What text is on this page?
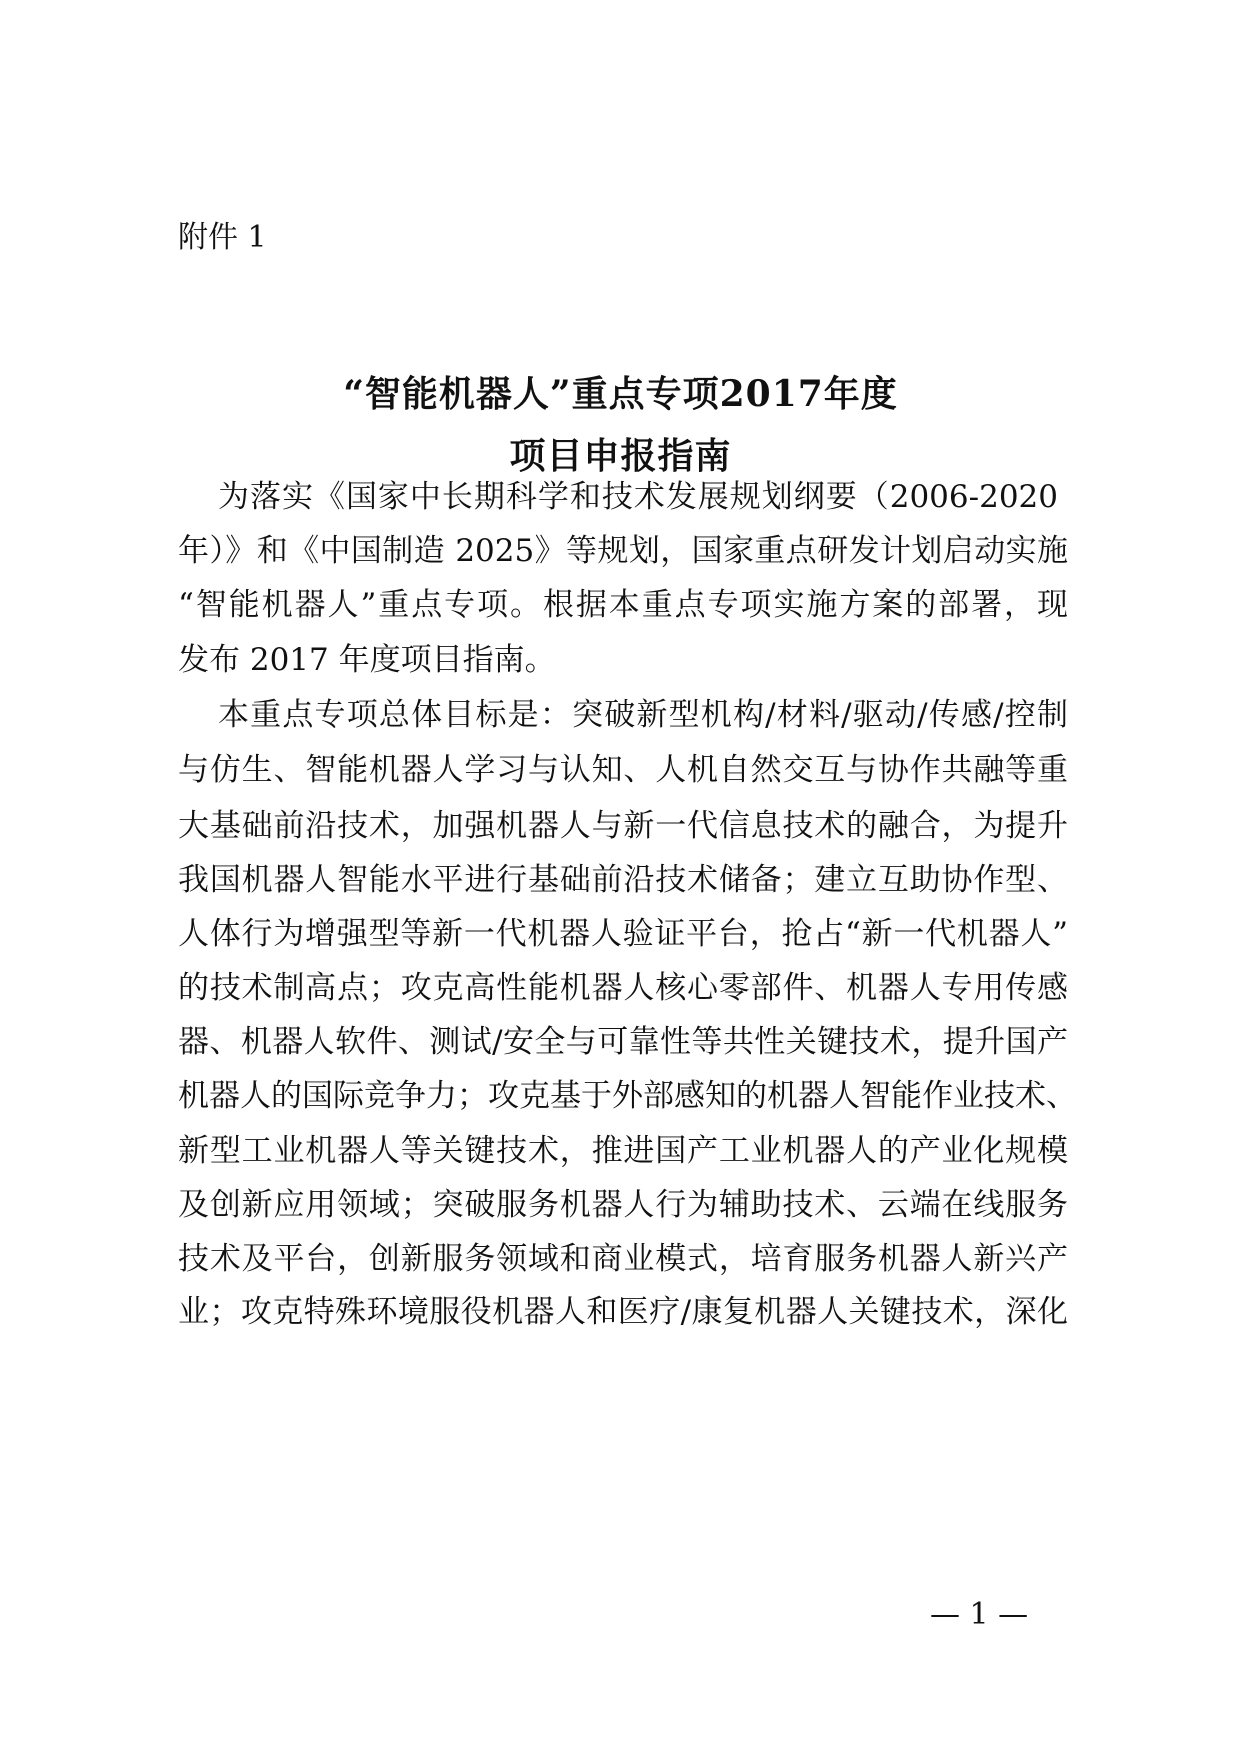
附件 1
“智能机器人”重点专项2017年度
项目申报指南
为落实《国家中长期科学和技术发展规划纲要（2006-2020
年）》和《中国制造 2025》等规划，国家重点研发计划启动实施
“智能机器人”重点专项。根据本重点专项实施方案的部署，现
发布 2017 年度项目指南。
本重点专项总体目标是：突破新型机构/材料/驱动/传感/控制
与仿生、智能机器人学习与认知、人机自然交互与协作共融等重
大基础前沿技术，加强机器人与新一代信息技术的融合，为提升
我国机器人智能水平进行基础前沿技术储备；建立互助协作型、
人体行为增强型等新一代机器人验证平台，抢占“新一代机器人”
的技术制高点；攻克高性能机器人核心零部件、机器人专用传感
器、机器人软件、测试/安全与可靠性等共性关键技术，提升国产
机器人的国际竞争力；攻克基于外部感知的机器人智能作业技术、
新型工业机器人等关键技术，推进国产工业机器人的产业化规模
及创新应用领域；突破服务机器人行为辅助技术、云端在线服务
技术及平台，创新服务领域和商业模式，培育服务机器人新兴产
业；攻克特殊环境服役机器人和医疗/康复机器人关键技术，深化
— 1 —
